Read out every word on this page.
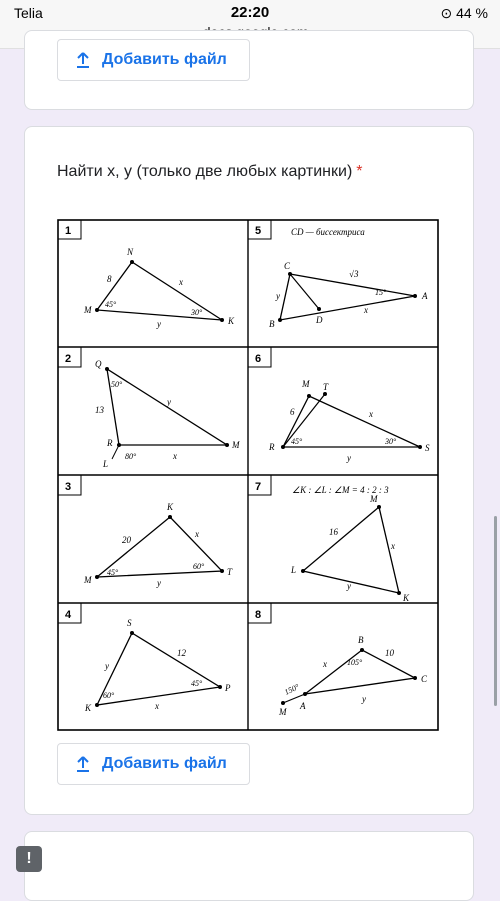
Telia	22:20	⊙ 44 %
Добавить файл
Найти х, у (только две любых картинки) *
1	5
2	6
3	7
4	8
N
M
K
8	x
y
45°
30°
Q
R	M
L
13
y
x
50°
80°
K
M
T
20
x
y
45°
60°
S
K
P
12
y
x
60°
45°
CD — биссектриса
C
A
B	D
√3
y
x
15°
M T
R	S
6	x
y
45°	30°
∠K : ∠L : ∠M = 4 : 2 : 3
M
L
K
16
x
y
B
C
M
A
x
10
y
105°
150°
Добавить файл
!
